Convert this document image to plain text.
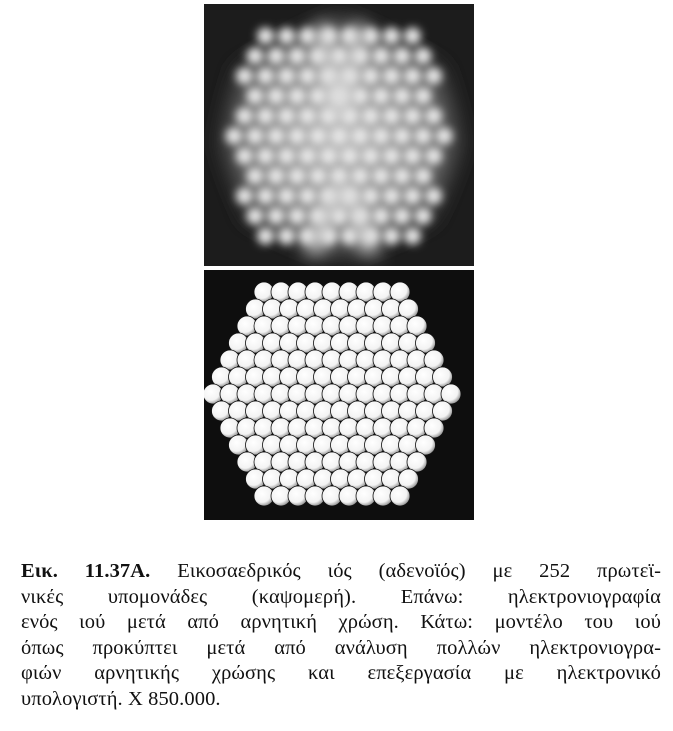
Εικ. 11.37Α. Εικοσαεδρικός ιός (αδενοϊός) με 252 πρωτεϊ-
νικές υπομονάδες (καψομερή). Επάνω: ηλεκτρονιογραφία
ενός ιού μετά από αρνητική χρώση. Κάτω: μοντέλο του ιού
όπως προκύπτει μετά από ανάλυση πολλών ηλεκτρονιογρα-
φιών αρνητικής χρώσης και επεξεργασία με ηλεκτρονικό
υπολογιστή. Χ 850.000.
